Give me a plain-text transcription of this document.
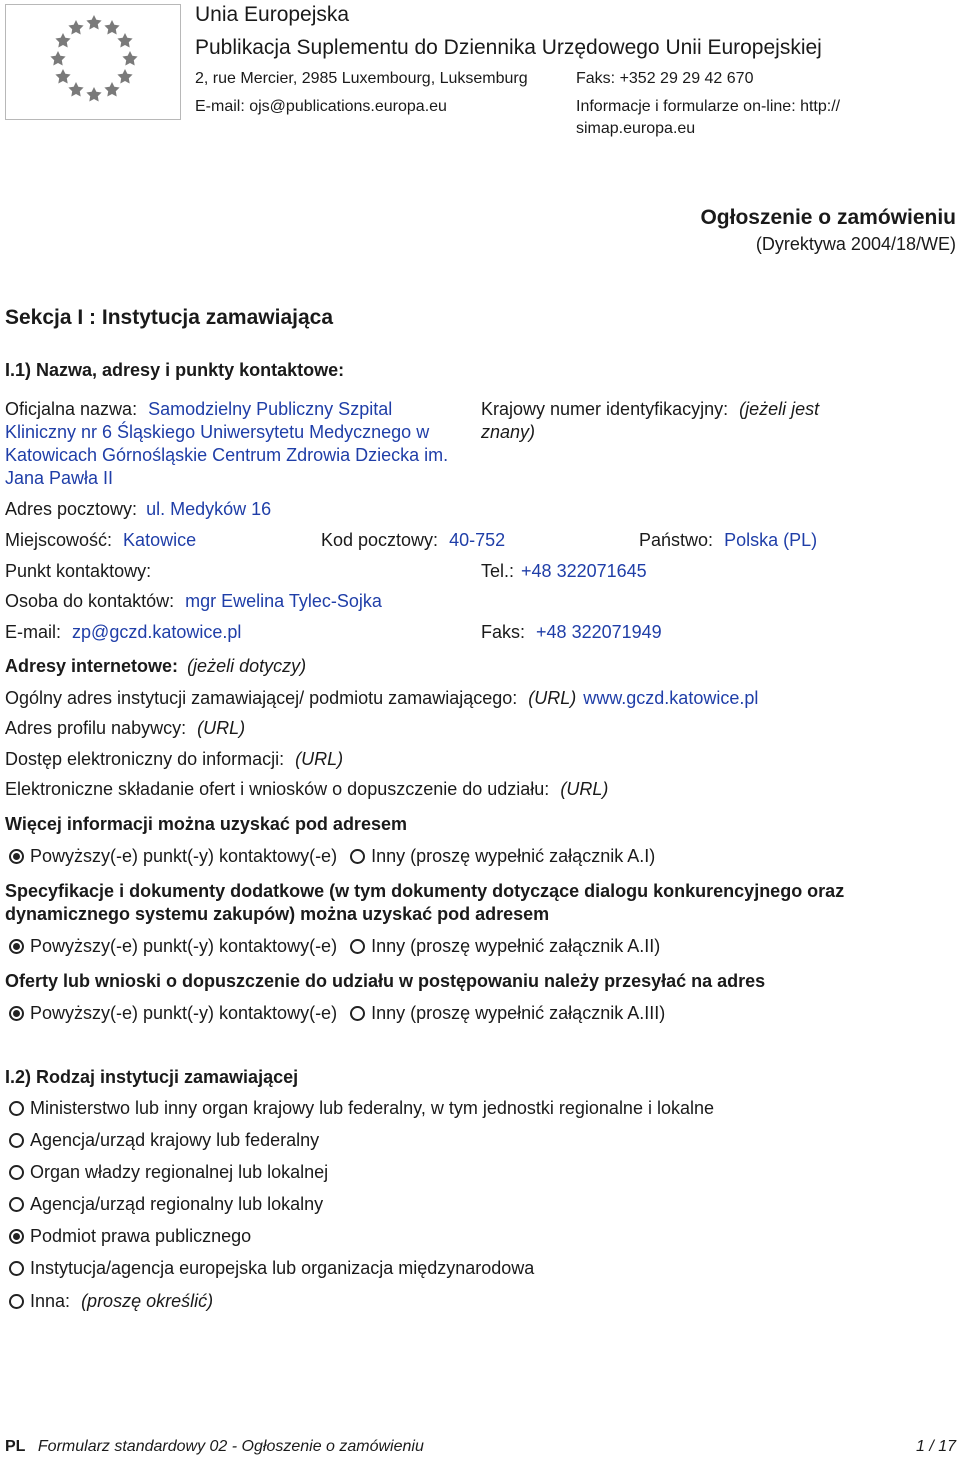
Unia Europejska
Publikacja Suplementu do Dziennika Urzędowego Unii Europejskiej
2, rue Mercier, 2985 Luxembourg, Luksemburg	Faks: +352 29 29 42 670
E-mail: ojs@publications.europa.eu	Informacje i formularze on-line: http://
simap.europa.eu
Ogłoszenie o zamówieniu
(Dyrektywa 2004/18/WE)
Sekcja I : Instytucja zamawiająca
I.1) Nazwa, adresy i punkty kontaktowe:
Oficjalna nazwa: Samodzielny Publiczny Szpital
Kliniczny nr 6 Śląskiego Uniwersytetu Medycznego w
Katowicach Górnośląskie Centrum Zdrowia Dziecka im.
Jana Pawła II
Krajowy numer identyfikacyjny: (jeżeli jest
znany)
Adres pocztowy: ul. Medyków 16
Miejscowość: Katowice	Kod pocztowy: 40-752	Państwo: Polska (PL)
Punkt kontaktowy:	Tel.: +48 322071645
Osoba do kontaktów: mgr Ewelina Tylec-Sojka
E-mail: zp@gczd.katowice.pl	Faks: +48 322071949
Adresy internetowe: (jeżeli dotyczy)
Ogólny adres instytucji zamawiającej/ podmiotu zamawiającego: (URL) www.gczd.katowice.pl
Adres profilu nabywcy: (URL)
Dostęp elektroniczny do informacji: (URL)
Elektroniczne składanie ofert i wniosków o dopuszczenie do udziału: (URL)
Więcej informacji można uzyskać pod adresem
Powyższy(-e) punkt(-y) kontaktowy(-e) Inny (proszę wypełnić załącznik A.I)
Specyfikacje i dokumenty dodatkowe (w tym dokumenty dotyczące dialogu konkurencyjnego oraz
dynamicznego systemu zakupów) można uzyskać pod adresem
Powyższy(-e) punkt(-y) kontaktowy(-e) Inny (proszę wypełnić załącznik A.II)
Oferty lub wnioski o dopuszczenie do udziału w postępowaniu należy przesyłać na adres
Powyższy(-e) punkt(-y) kontaktowy(-e) Inny (proszę wypełnić załącznik A.III)
I.2) Rodzaj instytucji zamawiającej
Ministerstwo lub inny organ krajowy lub federalny, w tym jednostki regionalne i lokalne
Agencja/urząd krajowy lub federalny
Organ władzy regionalnej lub lokalnej
Agencja/urząd regionalny lub lokalny
Podmiot prawa publicznego
Instytucja/agencja europejska lub organizacja międzynarodowa
Inna: (proszę określić)
PL Formularz standardowy 02 - Ogłoszenie o zamówieniu	1 / 17
